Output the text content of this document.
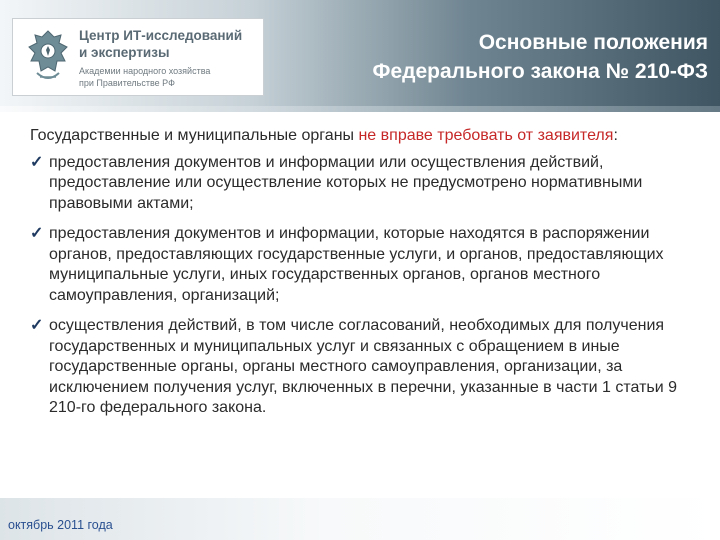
Центр ИТ-исследований
и экспертизы
Академии народного хозяйства
при Правительстве РФ
Основные положения
Федерального закона № 210-ФЗ

Государственные и муниципальные органы не вправе требовать от заявителя:

✓ предоставления документов и информации или осуществления действий, предоставление или осуществление которых не предусмотрено нормативными правовыми актами;
✓ предоставления документов и информации, которые находятся в распоряжении органов, предоставляющих государственные услуги, и органов, предоставляющих муниципальные услуги, иных государственных органов, органов местного самоуправления, организаций;
✓ осуществления действий, в том числе согласований, необходимых для получения государственных и муниципальных услуг и связанных с обращением в иные государственные органы, органы местного самоуправления, организации, за исключением получения услуг, включенных в перечни, указанные в части 1 статьи 9 210-го федерального закона.
октябрь 2011 года
